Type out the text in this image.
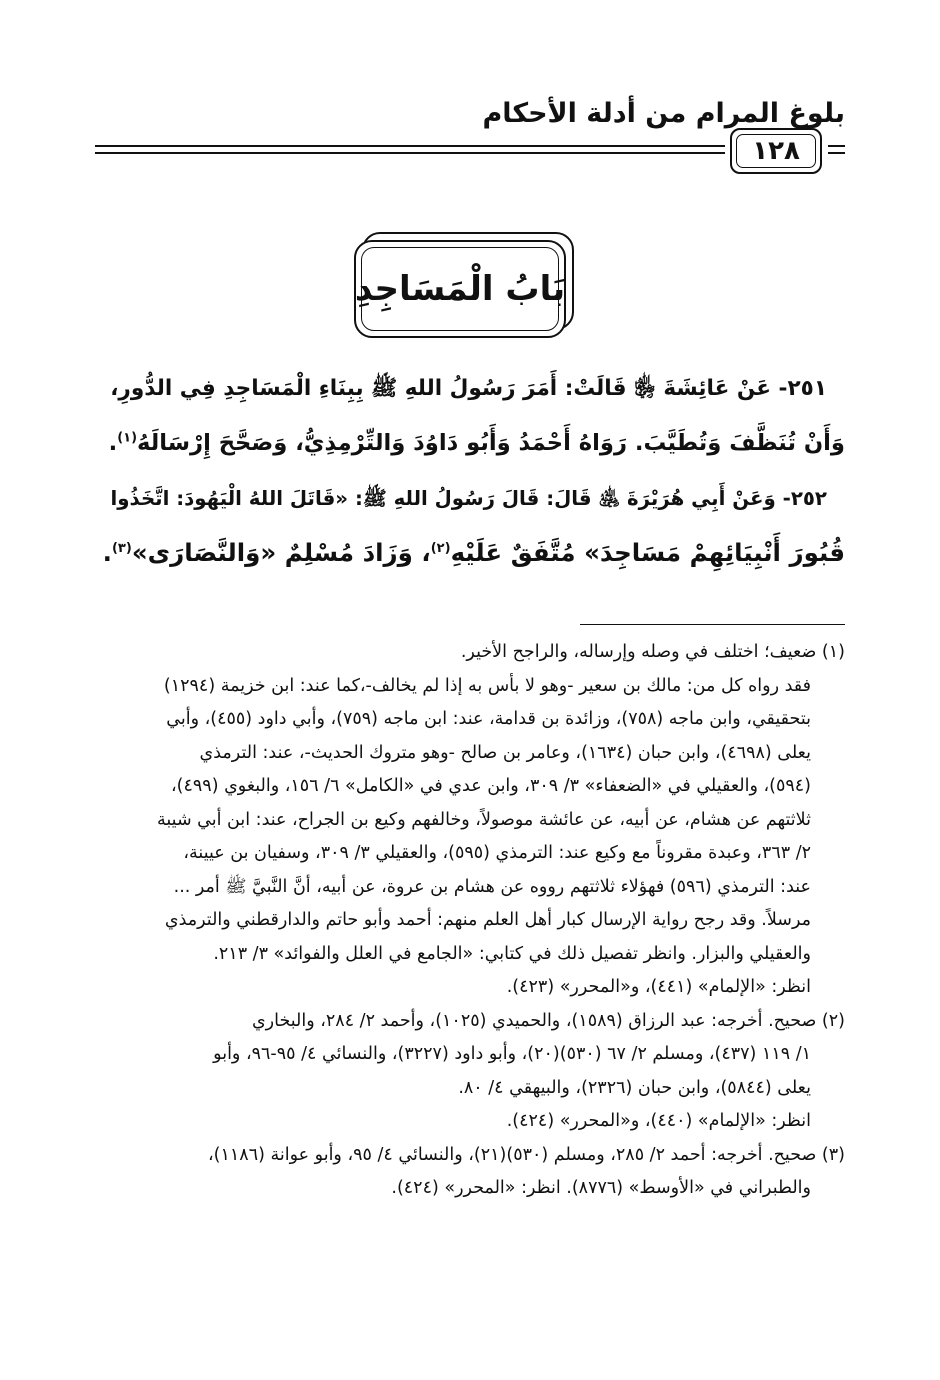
بلوغ المرام من أدلة الأحكام
١٢٨
بَابُ الْمَسَاجِدِ
٢٥١- عَنْ عَائِشَةَ ﵂ قَالَتْ: أَمَرَ رَسُولُ اللهِ ﷺ بِبِنَاءِ الْمَسَاجِدِ فِي الدُّورِ،
وَأَنْ تُنَظَّفَ وَتُطَيَّبَ. رَوَاهُ أَحْمَدُ وَأَبُو دَاوُدَ وَالتِّرْمِذِيُّ، وَصَحَّحَ إِرْسَالَهُ$^{(١)}$.
٢٥٢- وَعَنْ أَبِي هُرَيْرَةَ ﵁ قَالَ: قَالَ رَسُولُ اللهِ ﷺ: «قَاتَلَ اللهُ الْيَهُودَ: اتَّخَذُوا
قُبُورَ أَنْبِيَائِهِمْ مَسَاجِدَ» مُتَّفَقٌ عَلَيْهِ$^{(٢)}$، وَزَادَ مُسْلِمٌ «وَالنَّصَارَى»$^{(٣)}$.
(١) ضعيف؛ اختلف في وصله وإرساله، والراجح الأخير.
فقد رواه كل من: مالك بن سعير -وهو لا بأس به إذا لم يخالف-،كما عند: ابن خزيمة (١٢٩٤)
بتحقيقي، وابن ماجه (٧٥٨)، وزائدة بن قدامة، عند: ابن ماجه (٧٥٩)، وأبي داود (٤٥٥)، وأبي
يعلى (٤٦٩٨)، وابن حبان (١٦٣٤)، وعامر بن صالح -وهو متروك الحديث-، عند: الترمذي
(٥٩٤)، والعقيلي في «الضعفاء» ٣/ ٣٠٩، وابن عدي في «الكامل» ٦/ ١٥٦، والبغوي (٤٩٩)،
ثلاثتهم عن هشام، عن أبيه، عن عائشة موصولاً، وخالفهم وكيع بن الجراح، عند: ابن أبي شيبة
٢/ ٣٦٣، وعبدة مقروناً مع وكيع عند: الترمذي (٥٩٥)، والعقيلي ٣/ ٣٠٩، وسفيان بن عيينة،
عند: الترمذي (٥٩٦) فهؤلاء ثلاثتهم رووه عن هشام بن عروة، عن أبيه، أنَّ النَّبيَّ ﷺ أمر ...
مرسلاً. وقد رجح رواية الإرسال كبار أهل العلم منهم: أحمد وأبو حاتم والدارقطني والترمذي
والعقيلي والبزار. وانظر تفصيل ذلك في كتابي: «الجامع في العلل والفوائد» ٣/ ٢١٣.
انظر: «الإلمام» (٤٤١)، و«المحرر» (٤٢٣).
(٢) صحيح. أخرجه: عبد الرزاق (١٥٨٩)، والحميدي (١٠٢٥)، وأحمد ٢/ ٢٨٤، والبخاري
١/ ١١٩ (٤٣٧)، ومسلم ٢/ ٦٧ (٥٣٠)(٢٠)، وأبو داود (٣٢٢٧)، والنسائي ٤/ ٩٥-٩٦، وأبو
يعلى (٥٨٤٤)، وابن حبان (٢٣٢٦)، والبيهقي ٤/ ٨٠.
انظر: «الإلمام» (٤٤٠)، و«المحرر» (٤٢٤).
(٣) صحيح. أخرجه: أحمد ٢/ ٢٨٥، ومسلم (٥٣٠)(٢١)، والنسائي ٤/ ٩٥، وأبو عوانة (١١٨٦)،
والطبراني في «الأوسط» (٨٧٧٦). انظر: «المحرر» (٤٢٤).
